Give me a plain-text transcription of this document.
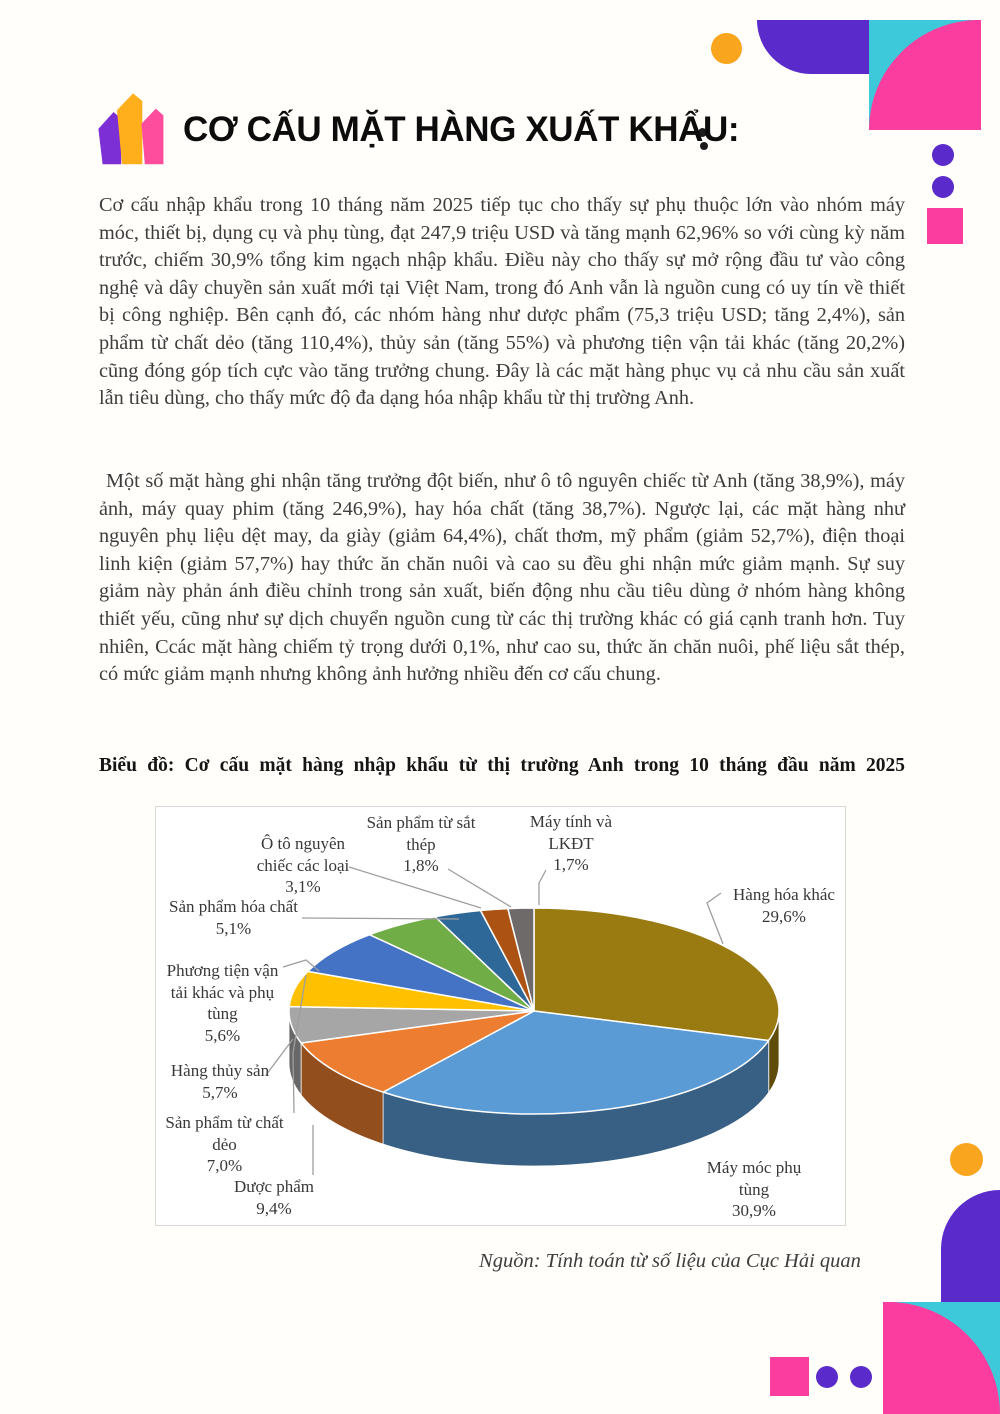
CƠ CẤU MẶT HÀNG XUẤT KHẨU:
Cơ cấu nhập khẩu trong 10 tháng năm 2025 tiếp tục cho thấy sự phụ thuộc lớn vào nhóm máy móc, thiết bị, dụng cụ và phụ tùng, đạt 247,9 triệu USD và tăng mạnh 62,96% so với cùng kỳ năm trước, chiếm 30,9% tổng kim ngạch nhập khẩu. Điều này cho thấy sự mở rộng đầu tư vào công nghệ và dây chuyền sản xuất mới tại Việt Nam, trong đó Anh vẫn là nguồn cung có uy tín về thiết bị công nghiệp. Bên cạnh đó, các nhóm hàng như dược phẩm (75,3 triệu USD; tăng 2,4%), sản phẩm từ chất dẻo (tăng 110,4%), thủy sản (tăng 55%) và phương tiện vận tải khác (tăng 20,2%) cũng đóng góp tích cực vào tăng trưởng chung. Đây là các mặt hàng phục vụ cả nhu cầu sản xuất lẫn tiêu dùng, cho thấy mức độ đa dạng hóa nhập khẩu từ thị trường Anh.
Một số mặt hàng ghi nhận tăng trưởng đột biến, như ô tô nguyên chiếc từ Anh (tăng 38,9%), máy ảnh, máy quay phim (tăng 246,9%), hay hóa chất (tăng 38,7%). Ngược lại, các mặt hàng như nguyên phụ liệu dệt may, da giày (giảm 64,4%), chất thơm, mỹ phẩm (giảm 52,7%), điện thoại linh kiện (giảm 57,7%) hay thức ăn chăn nuôi và cao su đều ghi nhận mức giảm mạnh. Sự suy giảm này phản ánh điều chỉnh trong sản xuất, biến động nhu cầu tiêu dùng ở nhóm hàng không thiết yếu, cũng như sự dịch chuyển nguồn cung từ các thị trường khác có giá cạnh tranh hơn. Tuy nhiên, Ccác mặt hàng chiếm tỷ trọng dưới 0,1%, như cao su, thức ăn chăn nuôi, phế liệu sắt thép, có mức giảm mạnh nhưng không ảnh hưởng nhiều đến cơ cấu chung.
Biểu đồ: Cơ cấu mặt hàng nhập khẩu từ thị trường Anh trong 10 tháng đầu năm 2025
Sản phẩm từ sắt
thép
1,8%
Máy tính và
LKĐT
1,7%
Ô tô nguyên
chiếc các loại
3,1%
Sản phẩm hóa chất
5,1%
Hàng hóa khác
29,6%
Phương tiện vận
tải khác và phụ
tùng
5,6%
Hàng thủy sản
5,7%
Sản phẩm từ chất
dẻo
7,0%
Dược phẩm
9,4%
Máy móc phụ
tùng
30,9%
Nguồn: Tính toán từ số liệu của Cục Hải quan
